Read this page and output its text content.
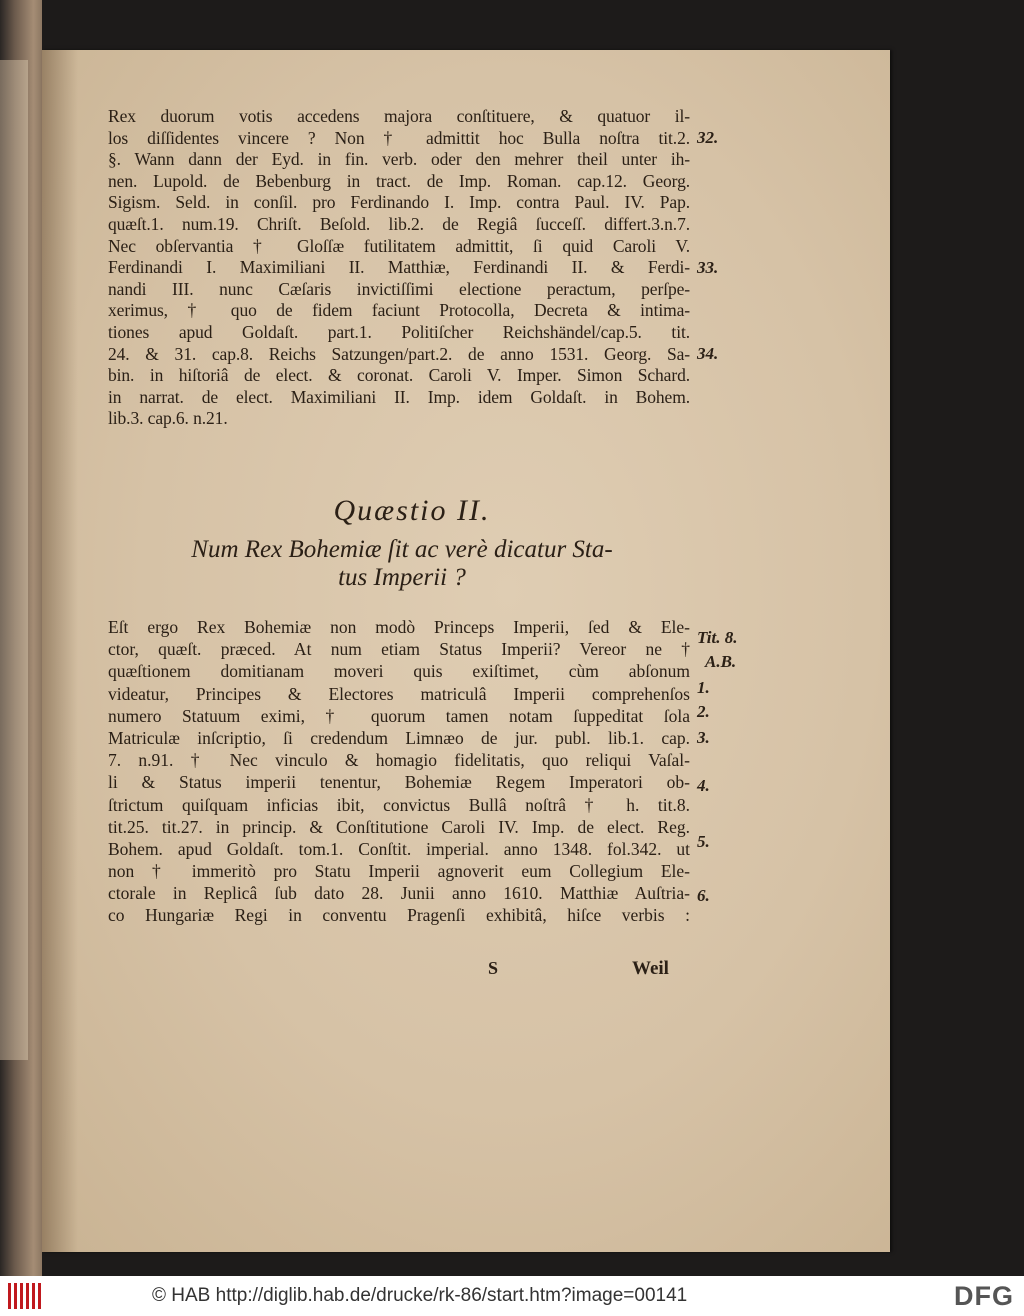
Rex duorum votis accedens majora conſtituere, & quatuor il-
los diſſidentes vincere ? Non † admittit hoc Bulla noſtra tit.2.
§. Wann dann der Eyd. in fin. verb. oder den mehrer theil unter ih-
nen. Lupold. de Bebenburg in tract. de Imp. Roman. cap.12. Georg.
Sigism. Seld. in conſil. pro Ferdinando I. Imp. contra Paul. IV. Pap.
quæſt.1. num.19. Chriſt. Beſold. lib.2. de Regiâ ſucceſſ. differt.3.n.7.
Nec obſervantia † Gloſſæ futilitatem admittit, ſi quid Caroli V.
Ferdinandi I. Maximiliani II. Matthiæ, Ferdinandi II. & Ferdi-
nandi III. nunc Cæſaris invictiſſimi electione peractum, perſpe-
xerimus, † quo de fidem faciunt Protocolla, Decreta & intima-
tiones apud Goldaſt. part.1. Politiſcher Reichshändel/cap.5. tit.
24. & 31. cap.8. Reichs Satzungen/part.2. de anno 1531. Georg. Sa-
bin. in hiſtoriâ de elect. & coronat. Caroli V. Imper. Simon Schard.
in narrat. de elect. Maximiliani II. Imp. idem Goldaſt. in Bohem.
lib.3. cap.6. n.21.
32.
33.
34.
Quæstio II.
Num Rex Bohemiæ ſit ac verè dicatur Sta-
tus Imperii ?
Eſt ergo Rex Bohemiæ non modò Princeps Imperii, ſed & Ele-
ctor, quæſt. præced. At num etiam Status Imperii? Vereor ne †
quæſtionem domitianam moveri quis exiſtimet, cùm abſonum
videatur, Principes & Electores matriculâ Imperii comprehenſos
numero Statuum eximi, † quorum tamen notam ſuppeditat ſola
Matriculæ inſcriptio, ſi credendum Limnæo de jur. publ. lib.1. cap.
7. n.91. † Nec vinculo & homagio fidelitatis, quo reliqui Vaſal-
li & Status imperii tenentur, Bohemiæ Regem Imperatori ob-
ſtrictum quiſquam inficias ibit, convictus Bullâ noſtrâ † h. tit.8.
tit.25. tit.27. in princip. & Conſtitutione Caroli IV. Imp. de elect. Reg.
Bohem. apud Goldaſt. tom.1. Conſtit. imperial. anno 1348. fol.342. ut
non † immeritò pro Statu Imperii agnoverit eum Collegium Ele-
ctorale in Replicâ ſub dato 28. Junii anno 1610. Matthiæ Auſtria-
co Hungariæ Regi in conventu Pragenſi exhibitâ, hiſce verbis :
Tit. 8.
A.B.
1.
2.
3.
4.
5.
6.
S	Weil
© HAB http://diglib.hab.de/drucke/rk-86/start.htm?image=00141	DFG
